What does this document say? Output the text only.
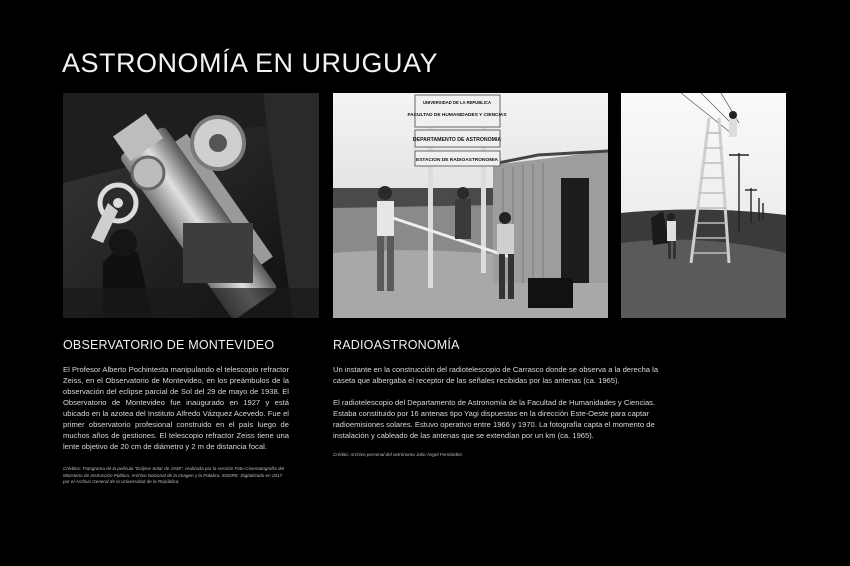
ASTRONOMÍA EN URUGUAY
UNIVERSIDAD DE LA REPUBLICA
FACULTAD DE HUMANIDADES Y CIENCIAS
DEPARTAMENTO DE ASTRONOMIA
ESTACION DE RADIOASTRONOMIA
OBSERVATORIO DE MONTEVIDEO

El Profesor Alberto Pochintesta manipulando el telescopio refractor Zeiss, en el Observatorio de Montevideo, en los preámbulos de la observación del eclipse parcial de Sol del 29 de mayo de 1938. El Observatorio de Montevideo fue inaugurado en 1927 y está ubicado en la azotea del Instituto Alfredo Vázquez Acevedo. Fue el primer observatorio profesional construido en el país luego de muchos años de gestiones. El telescopio refractor Zeiss tiene una lente objetivo de 20 cm de diámetro y 2 m de distancia focal.

Créditos: Fotograma de la película "Eclipse Solar de 1938", realizada por la sección Foto-Cinematografía del Ministerio de Instrucción Pública. Archivo Nacional de la Imagen y la Palabra, SODRE. Digitalizado en 2017 por el Archivo General de la Universidad de la República.

RADIOASTRONOMÍA

Un instante en la construcción del radiotelescopio de Carrasco donde se observa a la derecha la caseta que albergaba el receptor de las señales recibidas por las antenas (ca. 1965).

El radiotelescopio del Departamento de Astronomía de la Facultad de Humanidades y Ciencias. Estaba constituido por 16 antenas tipo Yagi dispuestas en la dirección Este-Oeste para captar radioemisiones solares. Estuvo operativo entre 1966 y 1970. La fotografía capta el momento de instalación y cableado de las antenas que se extendían por un km (ca. 1965).

Crédito: Archivo personal del astrónomo Julio Ángel Fernández.
